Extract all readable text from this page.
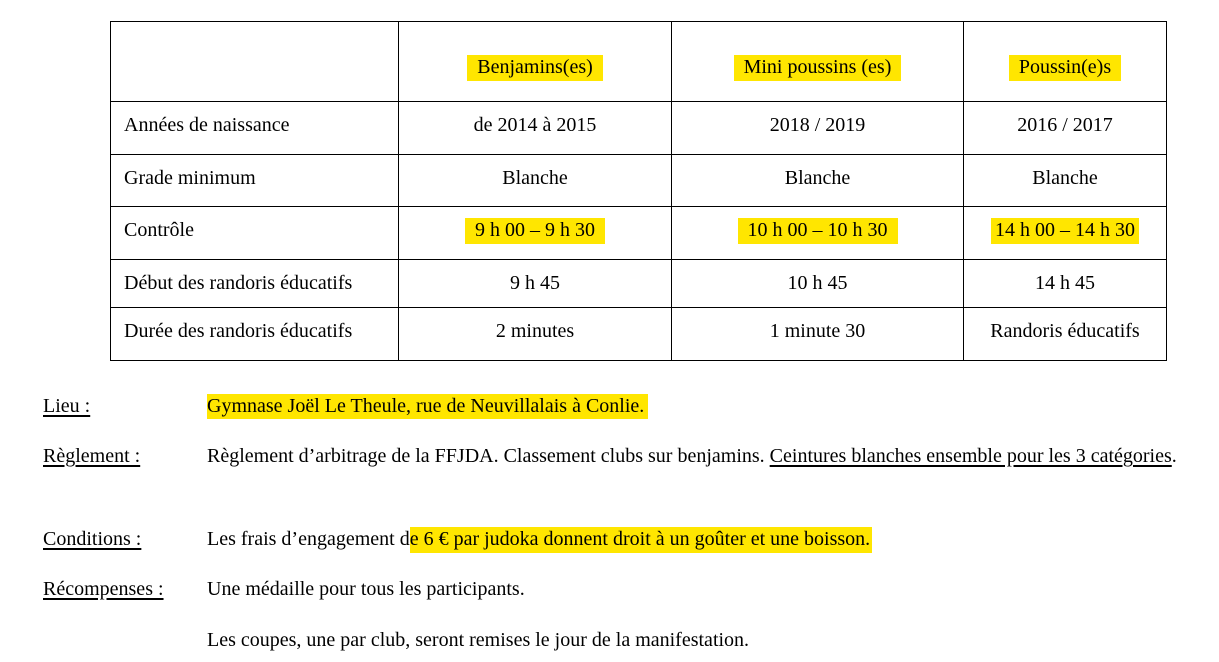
	Benjamins(es)	Mini poussins (es)	Poussin(e)s

Années de naissance	de 2014 à 2015	2018 / 2019	2016 / 2017

Grade minimum	Blanche	Blanche	Blanche

Contrôle	9 h 00 – 9 h 30	10 h 00 – 10 h 30	14 h 00 – 14 h 30

Début des randoris éducatifs	9 h 45	10 h 45	14 h 45

Durée des randoris éducatifs	2 minutes	1 minute 30	Randoris éducatifs
Lieu :	Gymnase Joël Le Theule, rue de Neuvillalais à Conlie.
Règlement :	Règlement d’arbitrage de la FFJDA. Classement clubs sur benjamins. Ceintures blanches ensemble pour les 3 catégories.
Conditions :	Les frais d’engagement de 6 € par judoka donnent droit à un goûter et une boisson.
Récompenses : Une médaille pour tous les participants.
Les coupes, une par club, seront remises le jour de la manifestation.
